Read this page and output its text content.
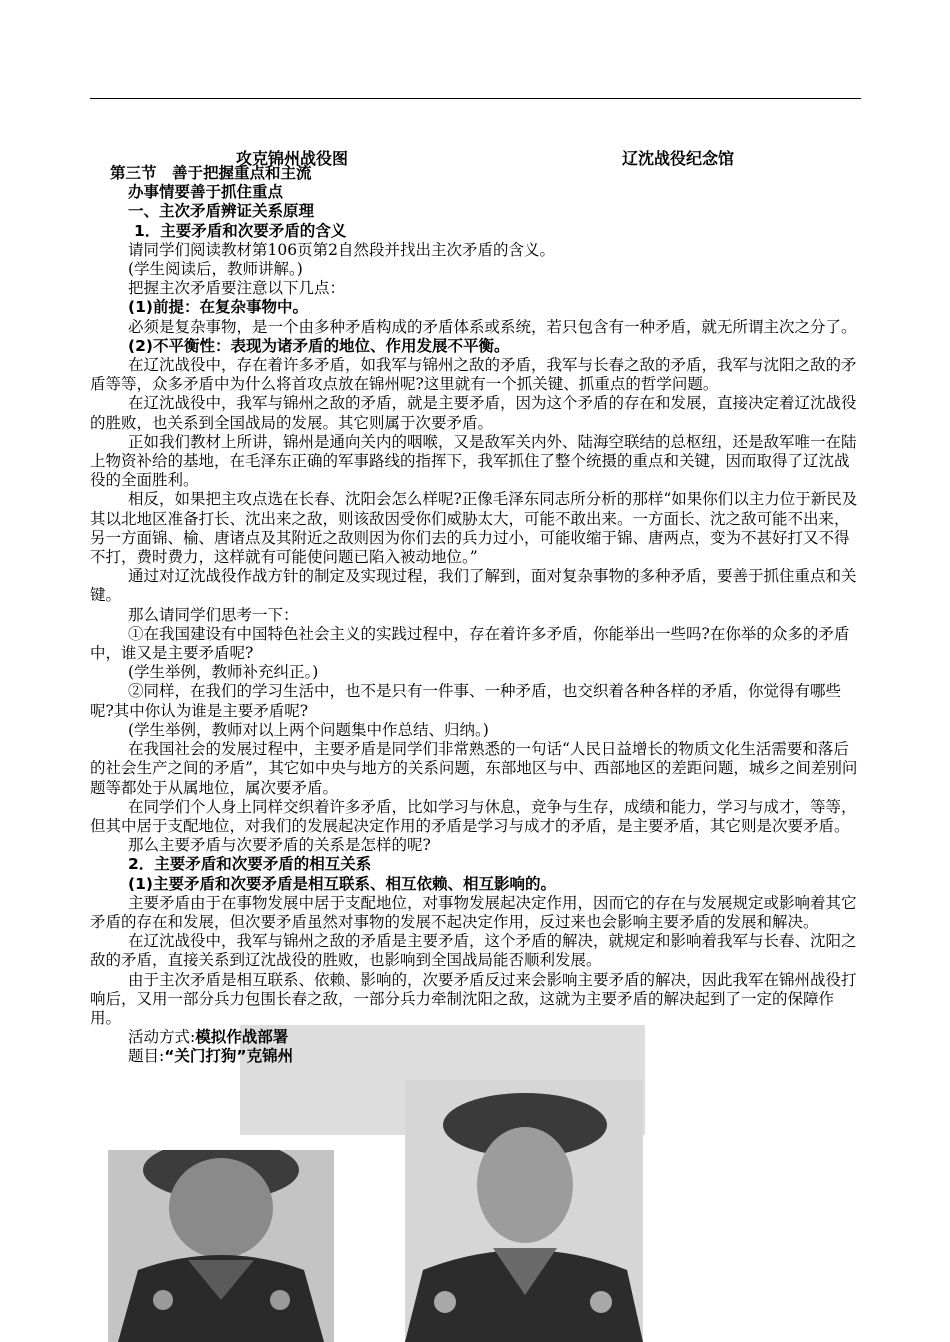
攻克锦州战役图	辽沈战役纪念馆

第三节　善于把握重点和主流

办事情要善于抓住重点

一、主次矛盾辨证关系原理

1．主要矛盾和次要矛盾的含义

请同学们阅读教材第106页第2自然段并找出主次矛盾的含义。

(学生阅读后，教师讲解。)

把握主次矛盾要注意以下几点：

(1)前提：在复杂事物中。

必须是复杂事物，是一个由多种矛盾构成的矛盾体系或系统，若只包含有一种矛盾，就无所谓主次之分了。

(2)不平衡性：表现为诸矛盾的地位、作用发展不平衡。

在辽沈战役中，存在着许多矛盾，如我军与锦州之敌的矛盾，我军与长春之敌的矛盾，我军与沈阳之敌的矛盾等等，众多矛盾中为什么将首攻点放在锦州呢?这里就有一个抓关键、抓重点的哲学问题。

在辽沈战役中，我军与锦州之敌的矛盾，就是主要矛盾，因为这个矛盾的存在和发展，直接决定着辽沈战役的胜败，也关系到全国战局的发展。其它则属于次要矛盾。

正如我们教材上所讲，锦州是通向关内的咽喉，又是敌军关内外、陆海空联结的总枢纽，还是敌军唯一在陆上物资补给的基地，在毛泽东正确的军事路线的指挥下，我军抓住了整个统摄的重点和关键，因而取得了辽沈战役的全面胜利。

相反，如果把主攻点选在长春、沈阳会怎么样呢?正像毛泽东同志所分析的那样“如果你们以主力位于新民及其以北地区准备打长、沈出来之敌，则该敌因受你们威胁太大，可能不敢出来。一方面长、沈之敌可能不出来，另一方面锦、榆、唐诸点及其附近之敌则因为你们去的兵力过小，可能收缩于锦、唐两点，变为不甚好打又不得不打，费时费力，这样就有可能使问题已陷入被动地位。”

通过对辽沈战役作战方针的制定及实现过程，我们了解到，面对复杂事物的多种矛盾，要善于抓住重点和关键。

那么请同学们思考一下：

①在我国建设有中国特色社会主义的实践过程中，存在着许多矛盾，你能举出一些吗?在你举的众多的矛盾中，谁又是主要矛盾呢?

(学生举例，教师补充纠正。)

②同样，在我们的学习生活中，也不是只有一件事、一种矛盾，也交织着各种各样的矛盾，你觉得有哪些呢?其中你认为谁是主要矛盾呢?

(学生举例，教师对以上两个问题集中作总结、归纳。)

在我国社会的发展过程中，主要矛盾是同学们非常熟悉的一句话“人民日益增长的物质文化生活需要和落后的社会生产之间的矛盾”，其它如中央与地方的关系问题，东部地区与中、西部地区的差距问题，城乡之间差别问题等都处于从属地位，属次要矛盾。

在同学们个人身上同样交织着许多矛盾，比如学习与休息，竞争与生存，成绩和能力，学习与成才，等等，但其中居于支配地位，对我们的发展起决定作用的矛盾是学习与成才的矛盾，是主要矛盾，其它则是次要矛盾。

那么主要矛盾与次要矛盾的关系是怎样的呢?

2．主要矛盾和次要矛盾的相互关系

(1)主要矛盾和次要矛盾是相互联系、相互依赖、相互影响的。

主要矛盾由于在事物发展中居于支配地位，对事物发展起决定作用，因而它的存在与发展规定或影响着其它矛盾的存在和发展，但次要矛盾虽然对事物的发展不起决定作用，反过来也会影响主要矛盾的发展和解决。

在辽沈战役中，我军与锦州之敌的矛盾是主要矛盾，这个矛盾的解决，就规定和影响着我军与长春、沈阳之敌的矛盾，直接关系到辽沈战役的胜败，也影响到全国战局能否顺利发展。

由于主次矛盾是相互联系、依赖、影响的，次要矛盾反过来会影响主要矛盾的解决，因此我军在锦州战役打响后，又用一部分兵力包围长春之敌，一部分兵力牵制沈阳之敌，这就为主要矛盾的解决起到了一定的保障作用。

活动方式:模拟作战部署

题目:“关门打狗”克锦州
